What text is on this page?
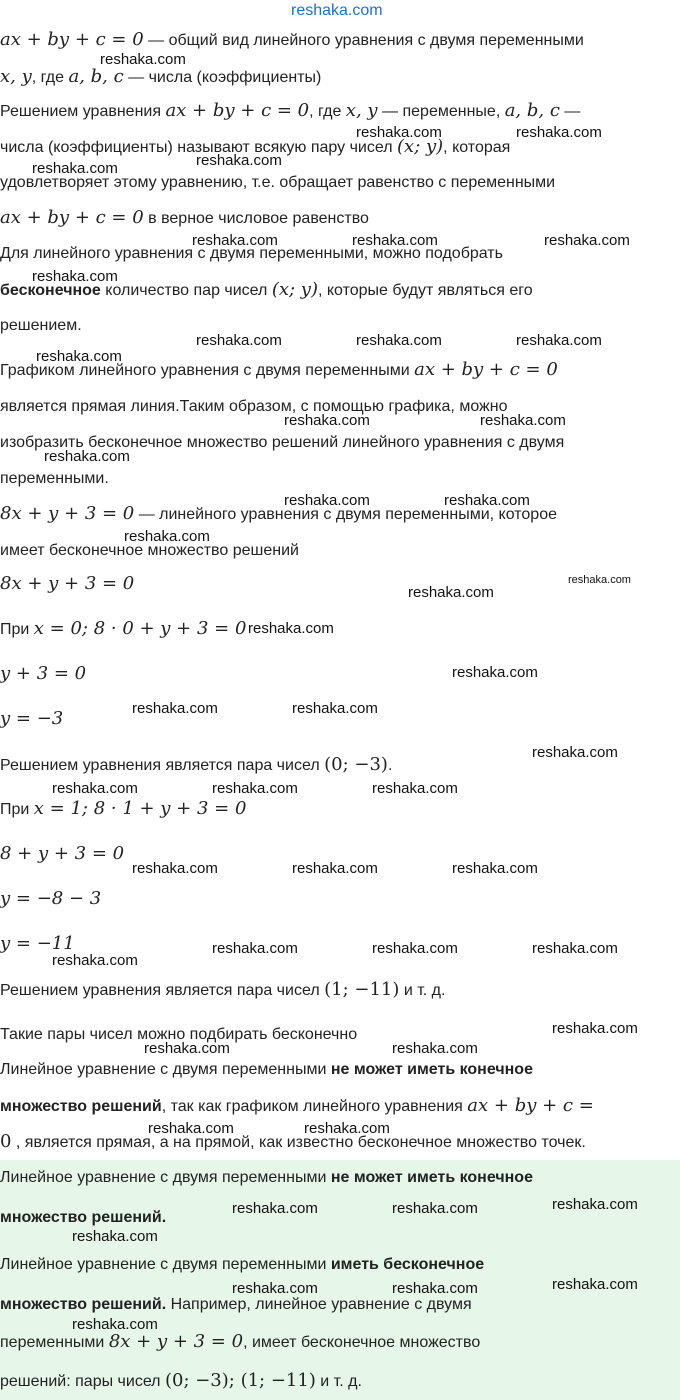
ax + by + c = 0 — общий вид линейного уравнения с двумя переменными
x, y, где a, b, c — числа (коэффициенты)
Решением уравнения ax + by + c = 0, где x, y — переменные, a, b, c —
числа (коэффициенты) называют всякую пару чисел (x; y), которая
удовлетворяет этому уравнению, т.е. обращает равенство с переменными
ax + by + c = 0 в верное числовое равенство
Для линейного уравнения с двумя переменными, можно подобрать
бесконечное количество пар чисел (x; y), которые будут являться его
решением.
Графиком линейного уравнения с двумя переменными ax + by + c = 0
является прямая линия.Таким образом, с помощью графика, можно
изобразить бесконечное множество решений линейного уравнения с двумя
переменными.
8x + y + 3 = 0 — линейного уравнения с двумя переменными, которое
имеет бесконечное множество решений
8x + y + 3 = 0
При x = 0; 8 · 0 + y + 3 = 0
y + 3 = 0
y = −3
Решением уравнения является пара чисел (0; −3).
При x = 1; 8 · 1 + y + 3 = 0
8 + y + 3 = 0
y = −8 − 3
y = −11
Решением уравнения является пара чисел (1; −11) и т. д.
Такие пары чисел можно подбирать бесконечно
Линейное уравнение с двумя переменными не может иметь конечное
множество решений, так как графиком линейного уравнения ax + by + c =
0 , является прямая, а на прямой, как известно бесконечное множество точек.
Линейное уравнение с двумя переменными не может иметь конечное
множество решений.
Линейное уравнение с двумя переменными иметь бесконечное
множество решений. Например, линейное уравнение с двумя
переменными 8x + y + 3 = 0, имеет бесконечное множество
решений: пары чисел (0; −3); (1; −11) и т. д.
reshaka.com
reshaka.com
reshaka.com	reshaka.com
reshaka.com
reshaka.com
reshaka.com	reshaka.com	reshaka.com
reshaka.com
reshaka.com	reshaka.com	reshaka.com
reshaka.com
reshaka.com	reshaka.com
reshaka.com
reshaka.com	reshaka.com
reshaka.com
reshaka.com
reshaka.com
reshaka.com
reshaka.com
reshaka.com	reshaka.com
reshaka.com
reshaka.com	reshaka.com	reshaka.com
reshaka.com	reshaka.com	reshaka.com
reshaka.com	reshaka.com	reshaka.com
reshaka.com
reshaka.com
reshaka.com	reshaka.com
reshaka.com	reshaka.com
reshaka.com	reshaka.com	reshaka.com
reshaka.com
reshaka.com
reshaka.com	reshaka.com
reshaka.com
